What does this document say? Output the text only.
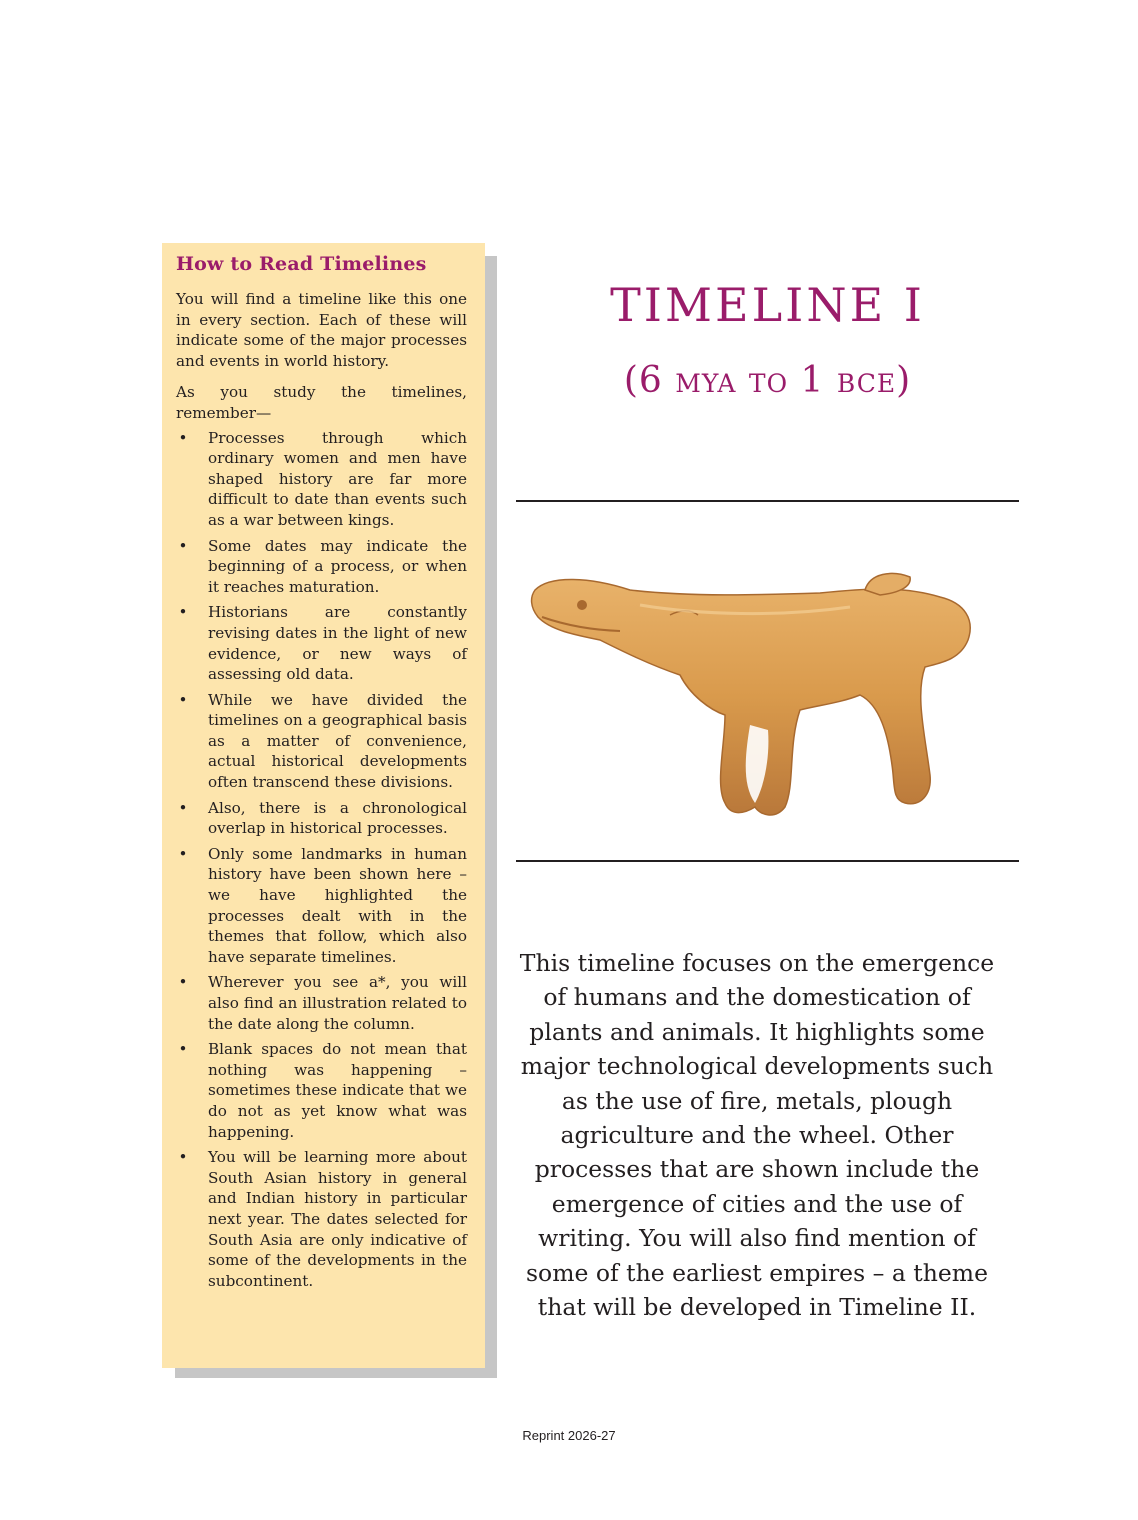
How to Read Timelines

You will find a timeline like this one in every section. Each of these will indicate some of the major processes and events in world history.

As you study the timelines, remember—

• Processes through which ordinary women and men have shaped history are far more difficult to date than events such as a war between kings.
• Some dates may indicate the beginning of a process, or when it reaches maturation.
• Historians are constantly revising dates in the light of new evidence, or new ways of assessing old data.
• While we have divided the timelines on a geographical basis as a matter of convenience, actual historical developments often transcend these divisions.
• Also, there is a chronological overlap in historical processes.
• Only some landmarks in human history have been shown here – we have highlighted the processes dealt with in the themes that follow, which also have separate timelines.
• Wherever you see a*, you will also find an illustration related to the date along the column.
• Blank spaces do not mean that nothing was happening – sometimes these indicate that we do not as yet know what was happening.
• You will be learning more about South Asian history in general and Indian history in particular next year. The dates selected for South Asia are only indicative of some of the developments in the subcontinent.
TIMELINE I
(6 mya to 1 bce)

This timeline focuses on the emergence of humans and the domestication of plants and animals. It highlights some major technological developments such as the use of fire, metals, plough agriculture and the wheel. Other processes that are shown include the emergence of cities and the use of writing. You will also find mention of some of the earliest empires – a theme that will be developed in Timeline II.

Reprint 2026-27
